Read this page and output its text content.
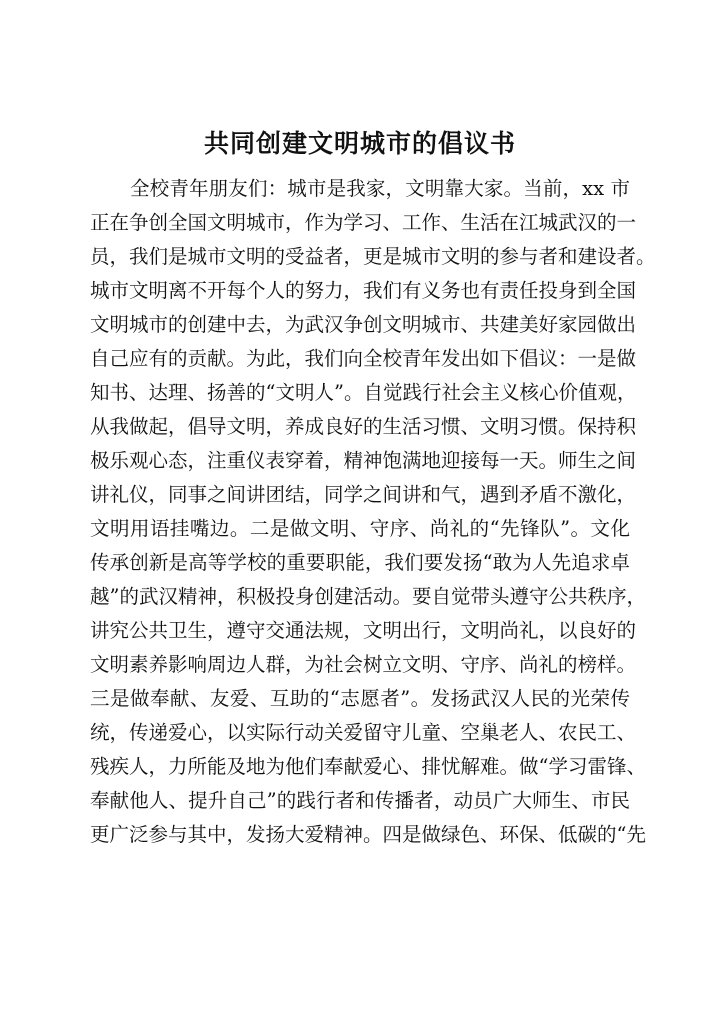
共同创建文明城市的倡议书
全校青年朋友们：城市是我家，文明靠大家。当前，xx 市
正在争创全国文明城市，作为学习、工作、生活在江城武汉的一
员，我们是城市文明的受益者，更是城市文明的参与者和建设者。
城市文明离不开每个人的努力，我们有义务也有责任投身到全国
文明城市的创建中去，为武汉争创文明城市、共建美好家园做出
自己应有的贡献。为此，我们向全校青年发出如下倡议：一是做
知书、达理、扬善的“文明人”。自觉践行社会主义核心价值观，
从我做起，倡导文明，养成良好的生活习惯、文明习惯。保持积
极乐观心态，注重仪表穿着，精神饱满地迎接每一天。师生之间
讲礼仪，同事之间讲团结，同学之间讲和气，遇到矛盾不激化，
文明用语挂嘴边。二是做文明、守序、尚礼的“先锋队”。文化
传承创新是高等学校的重要职能，我们要发扬“敢为人先追求卓
越”的武汉精神，积极投身创建活动。要自觉带头遵守公共秩序，
讲究公共卫生，遵守交通法规，文明出行，文明尚礼，以良好的
文明素养影响周边人群，为社会树立文明、守序、尚礼的榜样。
三是做奉献、友爱、互助的“志愿者”。发扬武汉人民的光荣传
统，传递爱心，以实际行动关爱留守儿童、空巢老人、农民工、
残疾人，力所能及地为他们奉献爱心、排忧解难。做“学习雷锋、
奉献他人、提升自己”的践行者和传播者，动员广大师生、市民
更广泛参与其中，发扬大爱精神。四是做绿色、环保、低碳的“先
